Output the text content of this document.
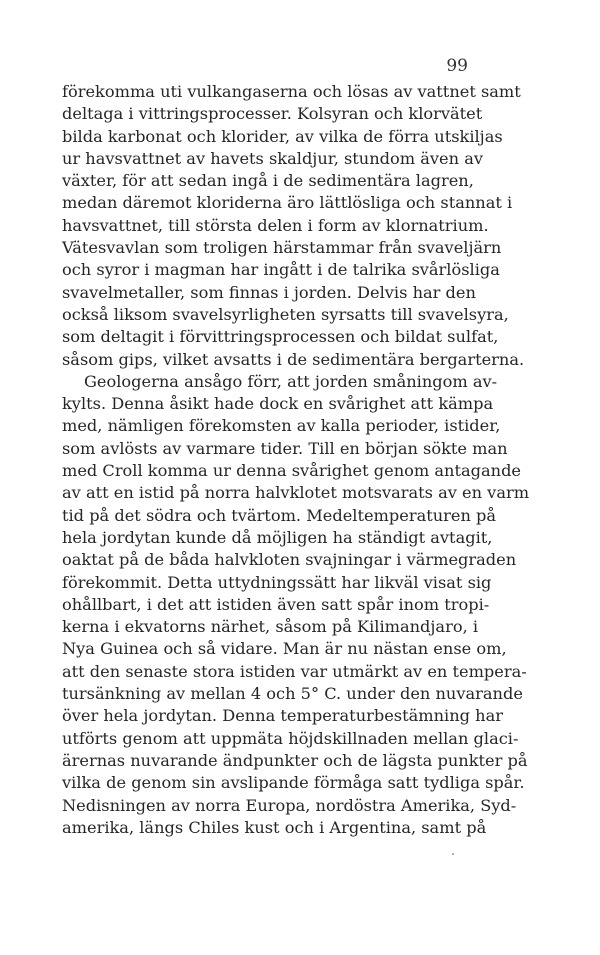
99
förekomma uti vulkangaserna och lösas av vattnet samt
deltaga i vittringsprocesser. Kolsyran och klorvätet
bilda karbonat och klorider, av vilka de förra utskiljas
ur havsvattnet av havets skaldjur, stundom även av
växter, för att sedan ingå i de sedimentära lagren,
medan däremot kloriderna äro lättlösliga och stannat i
havsvattnet, till största delen i form av klornatrium.
Vätesvavlan som troligen härstammar från svaveljärn
och syror i magman har ingått i de talrika svårlösliga
svavelmetaller, som finnas i jorden. Delvis har den
också liksom svavelsyrligheten syrsatts till svavelsyra,
som deltagit i förvittringsprocessen och bildat sulfat,
såsom gips, vilket avsatts i de sedimentära bergarterna.
Geologerna ansågo förr, att jorden småningom av-
kylts. Denna åsikt hade dock en svårighet att kämpa
med, nämligen förekomsten av kalla perioder, istider,
som avlösts av varmare tider. Till en början sökte man
med Croll komma ur denna svårighet genom antagande
av att en istid på norra halvklotet motsvarats av en varm
tid på det södra och tvärtom. Medeltemperaturen på
hela jordytan kunde då möjligen ha ständigt avtagit,
oaktat på de båda halvkloten svajningar i värmegraden
förekommit. Detta uttydningssätt har likväl visat sig
ohållbart, i det att istiden även satt spår inom tropi-
kerna i ekvatorns närhet, såsom på Kilimandjaro, i
Nya Guinea och så vidare. Man är nu nästan ense om,
att den senaste stora istiden var utmärkt av en tempera-
tursänkning av mellan 4 och 5° C. under den nuvarande
över hela jordytan. Denna temperaturbestämning har
utförts genom att uppmäta höjdskillnaden mellan glaci-
ärernas nuvarande ändpunkter och de lägsta punkter på
vilka de genom sin avslipande förmåga satt tydliga spår.
Nedisningen av norra Europa, nordöstra Amerika, Syd-
amerika, längs Chiles kust och i Argentina, samt på
